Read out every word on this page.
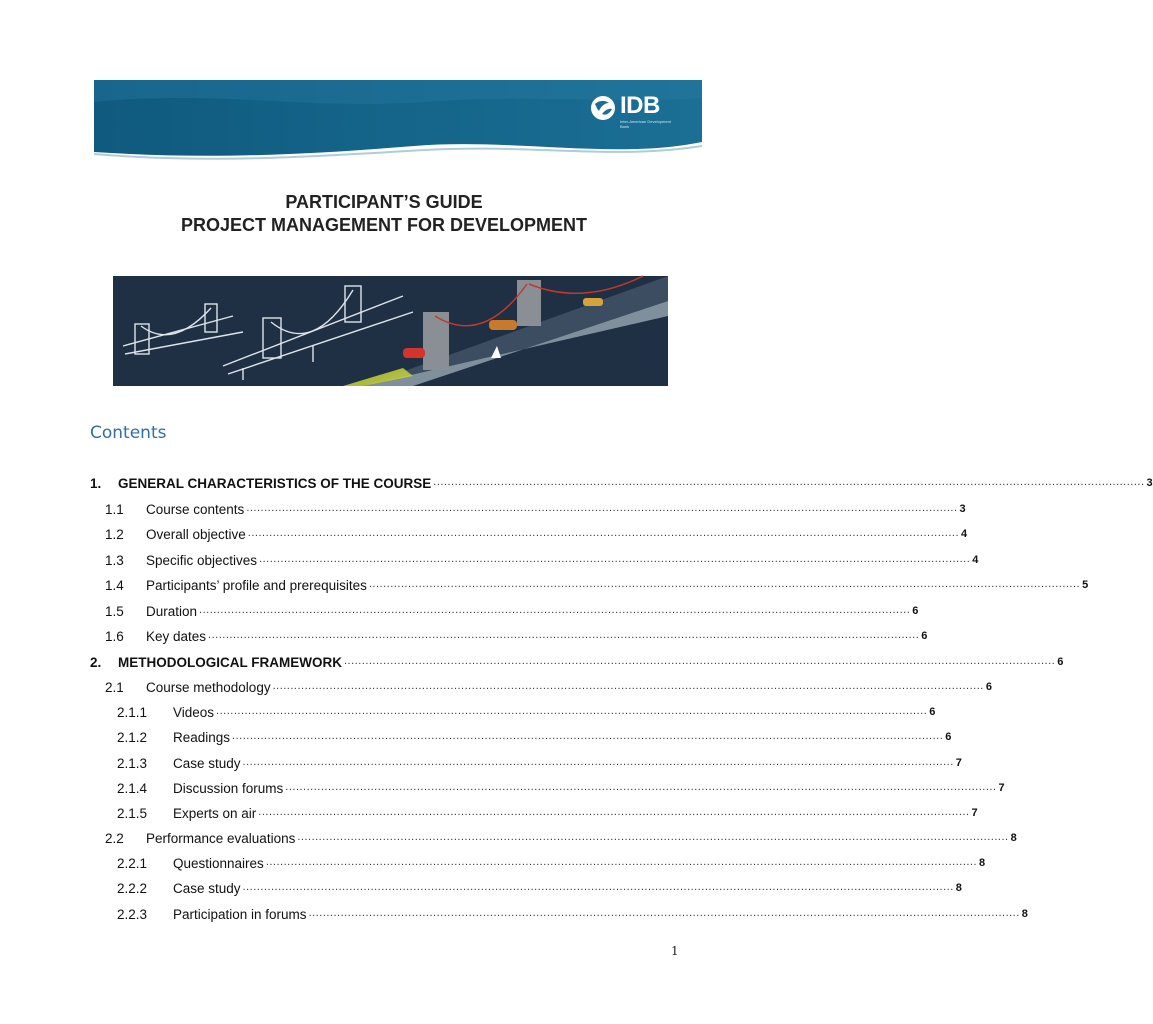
IDB
Inter-American Development Bank
PARTICIPANT’S GUIDE
PROJECT MANAGEMENT FOR DEVELOPMENT
Contents
1.	GENERAL CHARACTERISTICS OF THE COURSE ........................................................................................................................................................................................................ 3
1.1	Course contents ........................................................................................................................................................................................................ 3
1.2	Overall objective ........................................................................................................................................................................................................ 4
1.3	Specific objectives ........................................................................................................................................................................................................ 4
1.4	Participants’ profile and prerequisites ........................................................................................................................................................................................................ 5
1.5	Duration ........................................................................................................................................................................................................ 6
1.6	Key dates ........................................................................................................................................................................................................ 6
2.	METHODOLOGICAL FRAMEWORK ........................................................................................................................................................................................................ 6
2.1	Course methodology ........................................................................................................................................................................................................ 6
2.1.1	Videos ........................................................................................................................................................................................................ 6
2.1.2	Readings ........................................................................................................................................................................................................ 6
2.1.3	Case study ........................................................................................................................................................................................................ 7
2.1.4	Discussion forums ........................................................................................................................................................................................................ 7
2.1.5	Experts on air ........................................................................................................................................................................................................ 7
2.2	Performance evaluations ........................................................................................................................................................................................................ 8
2.2.1	Questionnaires ........................................................................................................................................................................................................ 8
2.2.2	Case study ........................................................................................................................................................................................................ 8
2.2.3	Participation in forums ........................................................................................................................................................................................................ 8
1
